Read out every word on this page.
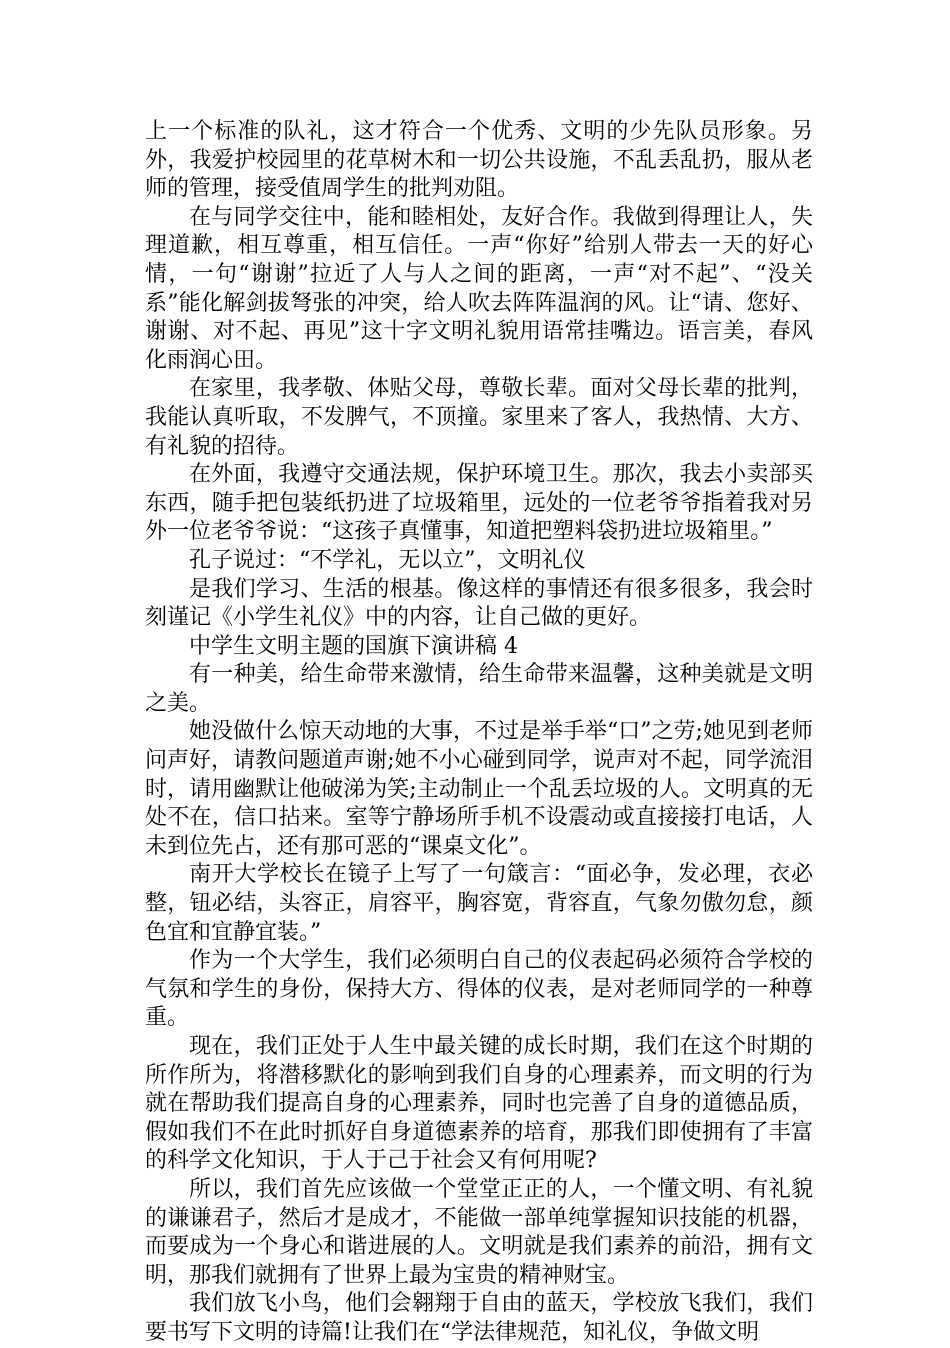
上一个标准的队礼，这才符合一个优秀、文明的少先队员形象。另外，我爱护校园里的花草树木和一切公共设施，不乱丢乱扔，服从老师的管理，接受值周学生的批判劝阻。

在与同学交往中，能和睦相处，友好合作。我做到得理让人，失理道歉，相互尊重，相互信任。一声“你好”给别人带去一天的好心情，一句“谢谢”拉近了人与人之间的距离，一声“对不起”、“没关系”能化解剑拔弩张的冲突，给人吹去阵阵温润的风。让“请、您好、谢谢、对不起、再见”这十字文明礼貌用语常挂嘴边。语言美，春风化雨润心田。

在家里，我孝敬、体贴父母，尊敬长辈。面对父母长辈的批判，我能认真听取，不发脾气，不顶撞。家里来了客人，我热情、大方、有礼貌的招待。

在外面，我遵守交通法规，保护环境卫生。那次，我去小卖部买东西，随手把包装纸扔进了垃圾箱里，远处的一位老爷爷指着我对另外一位老爷爷说：“这孩子真懂事，知道把塑料袋扔进垃圾箱里。”

孔子说过：“不学礼，无以立”，文明礼仪

是我们学习、生活的根基。像这样的事情还有很多很多，我会时刻谨记《小学生礼仪》中的内容，让自己做的更好。

中学生文明主题的国旗下演讲稿 4

有一种美，给生命带来激情，给生命带来温馨，这种美就是文明之美。

她没做什么惊天动地的大事，不过是举手举“口”之劳;她见到老师问声好，请教问题道声谢;她不小心碰到同学，说声对不起，同学流泪时，请用幽默让他破涕为笑;主动制止一个乱丢垃圾的人。文明真的无处不在，信口拈来。室等宁静场所手机不设震动或直接接打电话，人未到位先占，还有那可恶的“课桌文化”。

南开大学校长在镜子上写了一句箴言：“面必争，发必理，衣必整，钮必结，头容正，肩容平，胸容宽，背容直，气象勿傲勿怠，颜色宜和宜静宜装。”

作为一个大学生，我们必须明白自己的仪表起码必须符合学校的气氛和学生的身份，保持大方、得体的仪表，是对老师同学的一种尊重。

现在，我们正处于人生中最关键的成长时期，我们在这个时期的所作所为，将潜移默化的影响到我们自身的心理素养，而文明的行为就在帮助我们提高自身的心理素养，同时也完善了自身的道德品质，假如我们不在此时抓好自身道德素养的培育，那我们即使拥有了丰富的科学文化知识，于人于己于社会又有何用呢?

所以，我们首先应该做一个堂堂正正的人，一个懂文明、有礼貌的谦谦君子，然后才是成才，不能做一部单纯掌握知识技能的机器，而要成为一个身心和谐进展的人。文明就是我们素养的前沿，拥有文明，那我们就拥有了世界上最为宝贵的精神财宝。

我们放飞小鸟，他们会翱翔于自由的蓝天，学校放飞我们，我们要书写下文明的诗篇!让我们在“学法律规范，知礼仪，争做文明
